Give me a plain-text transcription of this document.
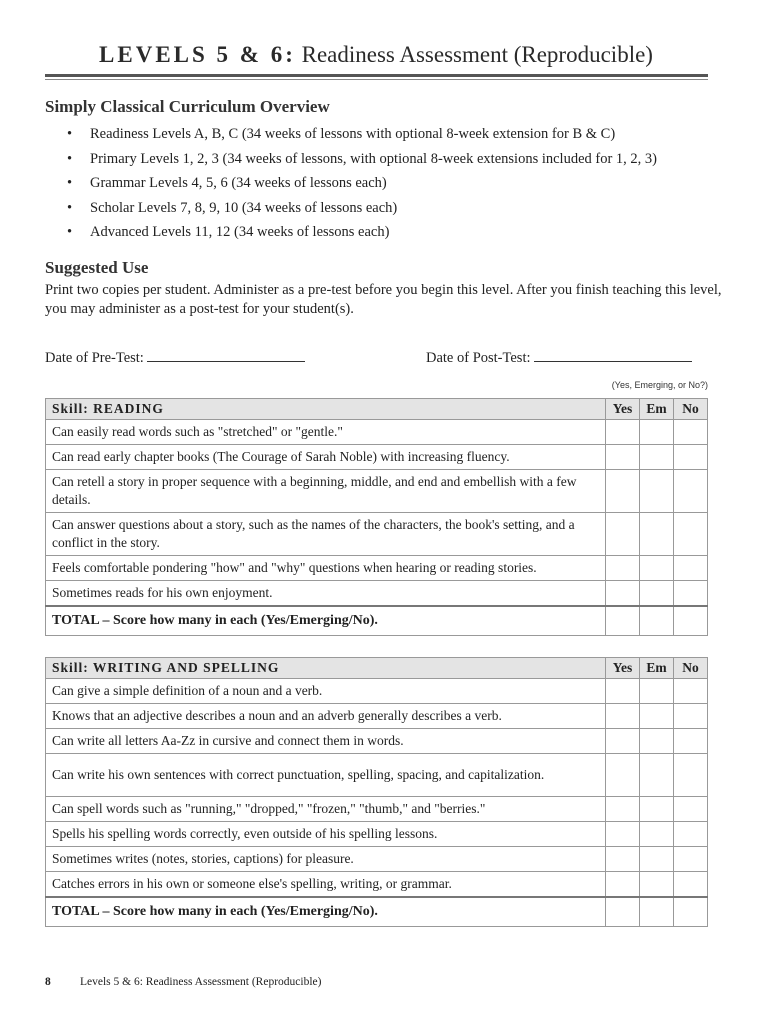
LEVELS 5 & 6: Readiness Assessment (Reproducible)
Simply Classical Curriculum Overview
• Readiness Levels A, B, C (34 weeks of lessons with optional 8-week extension for B & C)
• Primary Levels 1, 2, 3 (34 weeks of lessons, with optional 8-week extensions included for 1, 2, 3)
• Grammar Levels 4, 5, 6 (34 weeks of lessons each)
• Scholar Levels 7, 8, 9, 10 (34 weeks of lessons each)
• Advanced Levels 11, 12 (34 weeks of lessons each)
Suggested Use
Print two copies per student. Administer as a pre-test before you begin this level. After you finish teaching this level, you may administer as a post-test for your student(s).
Date of Pre-Test:	Date of Post-Test:
(Yes, Emerging, or No?)
Skill: READING	Yes	Em	No
Can easily read words such as "stretched" or "gentle."			
Can read early chapter books (The Courage of Sarah Noble) with increasing fluency.			
Can retell a story in proper sequence with a beginning, middle, and end and embellish with a few details.			
Can answer questions about a story, such as the names of the characters, the book's setting, and a conflict in the story.			
Feels comfortable pondering "how" and "why" questions when hearing or reading stories.			
Sometimes reads for his own enjoyment.			
TOTAL – Score how many in each (Yes/Emerging/No).			
Skill: WRITING AND SPELLING	Yes	Em	No
Can give a simple definition of a noun and a verb.			
Knows that an adjective describes a noun and an adverb generally describes a verb.			
Can write all letters Aa-Zz in cursive and connect them in words.			
Can write his own sentences with correct punctuation, spelling, spacing, and capitalization.			
Can spell words such as "running," "dropped," "frozen," "thumb," and "berries."			
Spells his spelling words correctly, even outside of his spelling lessons.			
Sometimes writes (notes, stories, captions) for pleasure.			
Catches errors in his own or someone else's spelling, writing, or grammar.			
TOTAL – Score how many in each (Yes/Emerging/No).			
8	Levels 5 & 6: Readiness Assessment (Reproducible)
